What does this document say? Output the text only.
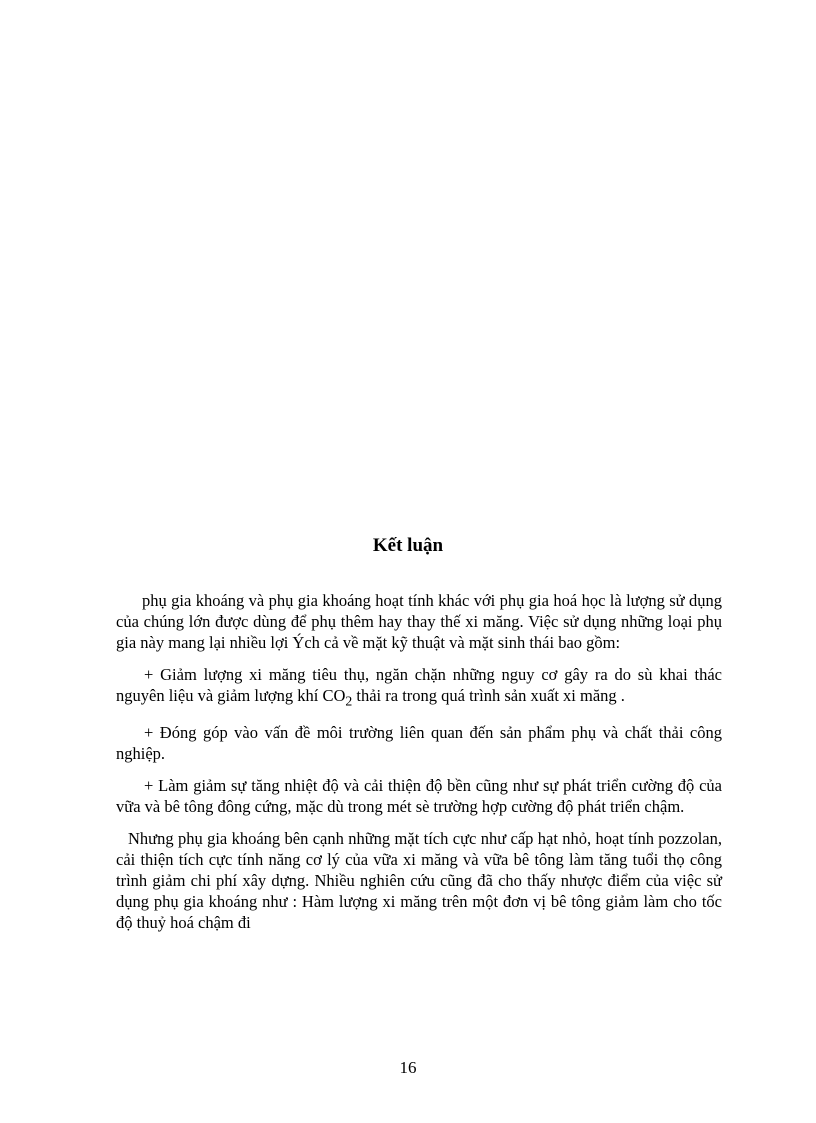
Kết luận

phụ gia khoáng và phụ gia khoáng hoạt tính khác với phụ gia hoá học là lượng sử dụng của chúng lớn được dùng để phụ thêm hay thay thế xi măng. Việc sử dụng những loại phụ gia này mang lại nhiều lợi Ých cả về mặt kỹ thuật và mặt sinh thái bao gồm:

+ Giảm lượng xi măng tiêu thụ, ngăn chặn những nguy cơ gây ra do sù khai thác nguyên liệu và giảm lượng khí $CO_2$ thải ra trong quá trình sản xuất xi măng .

+ Đóng góp vào vấn đề môi trường liên quan đến sản phẩm phụ và chất thải công nghiệp.

+ Làm giảm sự tăng nhiệt độ và cải thiện độ bền cũng như sự phát triển cường độ của vữa và bê tông đông cứng, mặc dù trong mét sè trường hợp cường độ phát triển chậm.

Nhưng phụ gia khoáng bên cạnh những mặt tích cực như cấp hạt nhỏ, hoạt tính pozzolan, cải thiện tích cực tính năng cơ lý của vữa xi măng và vữa bê tông làm tăng tuổi thọ công trình giảm chi phí xây dựng. Nhiều nghiên cứu cũng đã cho thấy nhược điểm của việc sử dụng phụ gia khoáng như : Hàm lượng xi măng trên một đơn vị bê tông giảm làm cho tốc độ thuỷ hoá chậm đi

16
